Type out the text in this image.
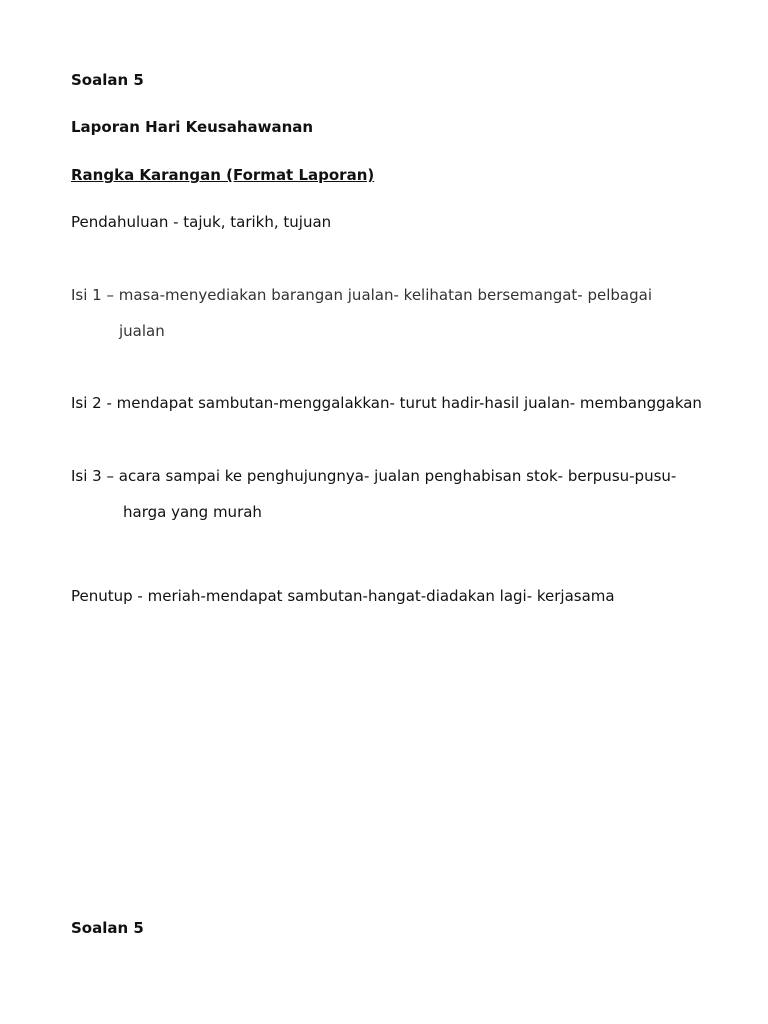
Soalan 5
Laporan Hari Keusahawanan
Rangka Karangan (Format Laporan)
Pendahuluan - tajuk, tarikh, tujuan
Isi 1 – masa-menyediakan barangan jualan- kelihatan bersemangat- pelbagai
jualan
Isi 2 - mendapat sambutan-menggalakkan- turut hadir-hasil jualan- membanggakan
Isi 3 – acara sampai ke penghujungnya- jualan penghabisan stok- berpusu-pusu-
harga yang murah
Penutup - meriah-mendapat sambutan-hangat-diadakan lagi- kerjasama
Soalan 5
